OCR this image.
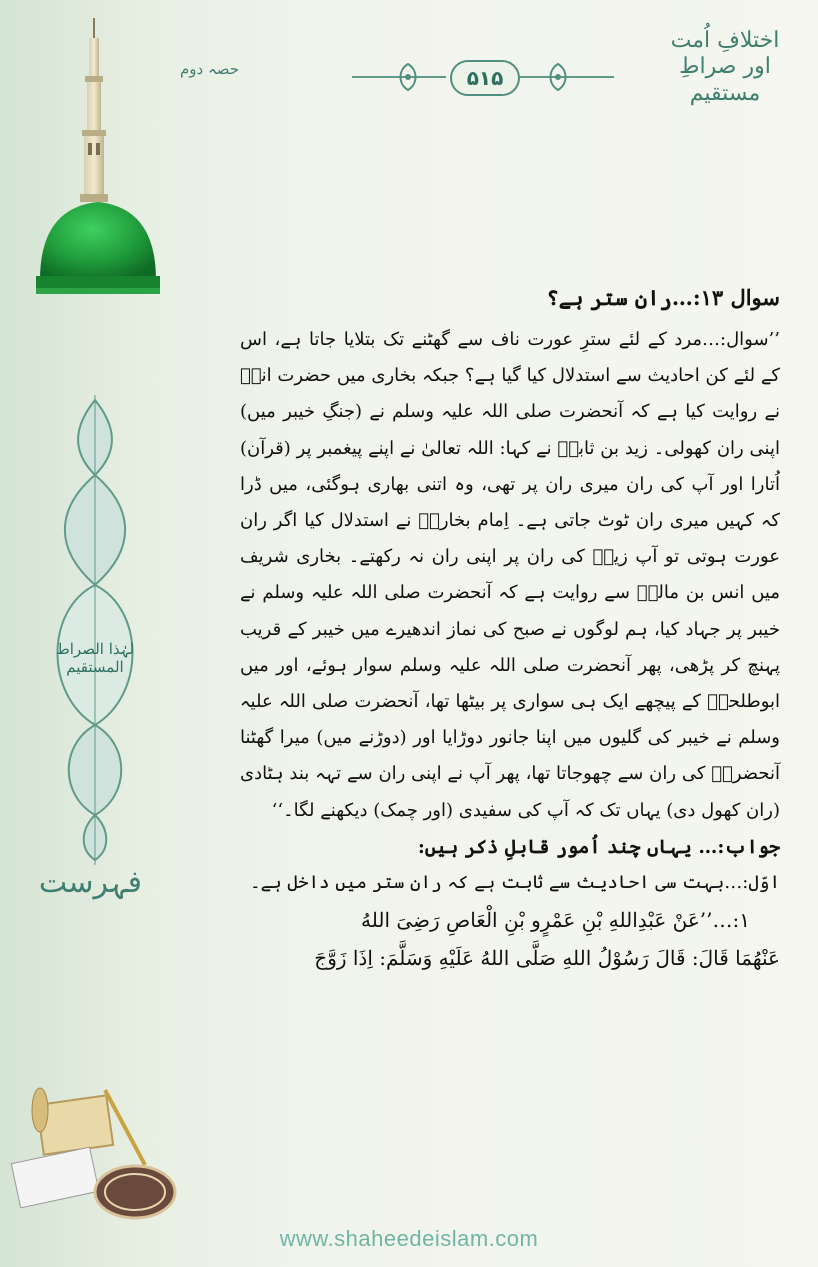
اختلافِ اُمت
اور صراطِ مستقیم
حصہ دوم	۵۱۵
لہٰذا الصراط المستقیم
فہرست

سوال ۱۳:…ران ستر ہے؟

’’سوال:…مرد کے لئے سترِ عورت ناف سے گھٹنے تک بتلایا جاتا ہے، اس کے لئے کن احادیث سے استدلال کیا گیا ہے؟ جبکہ بخاری میں حضرت انسؓ نے روایت کیا ہے کہ آنحضرت صلی اللہ علیہ وسلم نے (جنگِ خیبر میں) اپنی ران کھولی۔ زید بن ثابتؓ نے کہا: اللہ تعالیٰ نے اپنے پیغمبر پر (قرآن) اُتارا اور آپ کی ران میری ران پر تھی، وہ اتنی بھاری ہوگئی، میں ڈرا کہ کہیں میری ران ٹوٹ جاتی ہے۔ اِمام بخاریؒ نے استدلال کیا اگر ران عورت ہوتی تو آپ زیدؓ کی ران پر اپنی ران نہ رکھتے۔ بخاری شریف میں انس بن مالکؓ سے روایت ہے کہ آنحضرت صلی اللہ علیہ وسلم نے خیبر پر جہاد کیا، ہم لوگوں نے صبح کی نماز اندھیرے میں خیبر کے قریب پہنچ کر پڑھی، پھر آنحضرت صلی اللہ علیہ وسلم سوار ہوئے، اور میں ابوطلحہؓ کے پیچھے ایک ہی سواری پر بیٹھا تھا، آنحضرت صلی اللہ علیہ وسلم نے خیبر کی گلیوں میں اپنا جانور دوڑایا اور (دوڑنے میں) میرا گھٹنا آنحضرتؐ کی ران سے چھوجاتا تھا، پھر آپ نے اپنی ران سے تہہ بند ہٹادی (ران کھول دی) یہاں تک کہ آپ کی سفیدی (اور چمک) دیکھنے لگا۔‘‘

جواب:… یہاں چند اُمور قابلِ ذکر ہیں:

اوّل:…بہت سی احادیث سے ثابت ہے کہ ران ستر میں داخل ہے۔

۱:…’’عَنْ عَبْدِاللهِ بْنِ عَمْرٍو بْنِ الْعَاصِ رَضِیَ اللهُ

عَنْهُمَا قَالَ: قَالَ رَسُوْلُ اللهِ صَلَّى اللهُ عَلَيْهِ وَسَلَّمَ: اِذَا زَوَّجَ

www.shaheedeislam.com
